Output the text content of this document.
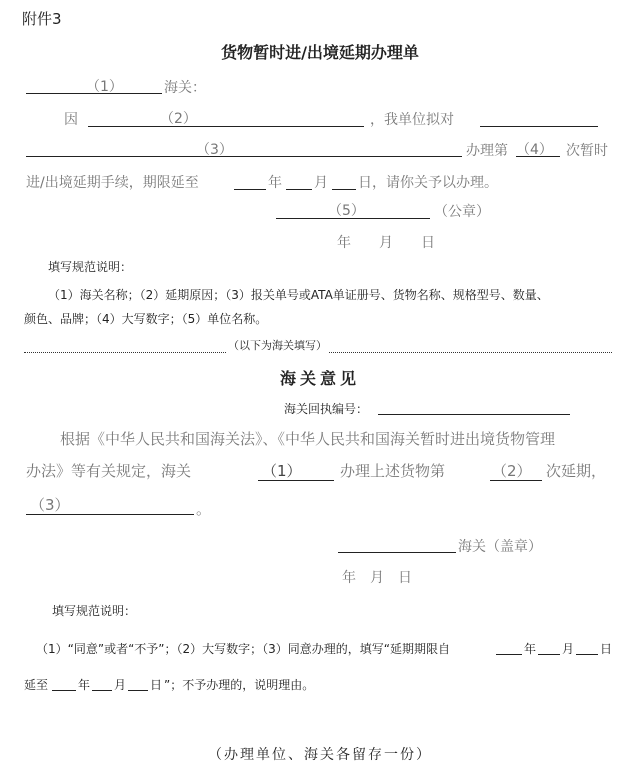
附件3
货物暂时进/出境延期办理单
（1）	海关：
因	（2）	，我单位拟对
（3）	办理第 （4） 次暂时
进/出境延期手续，期限延至	年 月 日 ，请你关予以办理。
（5）	（公章）
年　　月　　日
填写规范说明：
（1）海关名称；（2）延期原因；（3）报关单号或ATA单证册号、货物名称、规格型号、数量、
颜色、品牌；（4）大写数字；（5）单位名称。
（以下为海关填写）
海关意见
海关回执编号：
根据《中华人民共和国海关法》、《中华人民共和国海关暂时进出境货物管理
办法》等有关规定，海关	（1）	办理上述货物第	（2） 次延期，
（3）	。
海关（盖章）
年　月　日
填写规范说明：
（1）“同意”或者“不予”；（2）大写数字；（3）同意办理的，填写“延期期限自	年 月 日
延至 年 月 日 ”；不予办理的，说明理由。
（办理单位、海关各留存一份）
